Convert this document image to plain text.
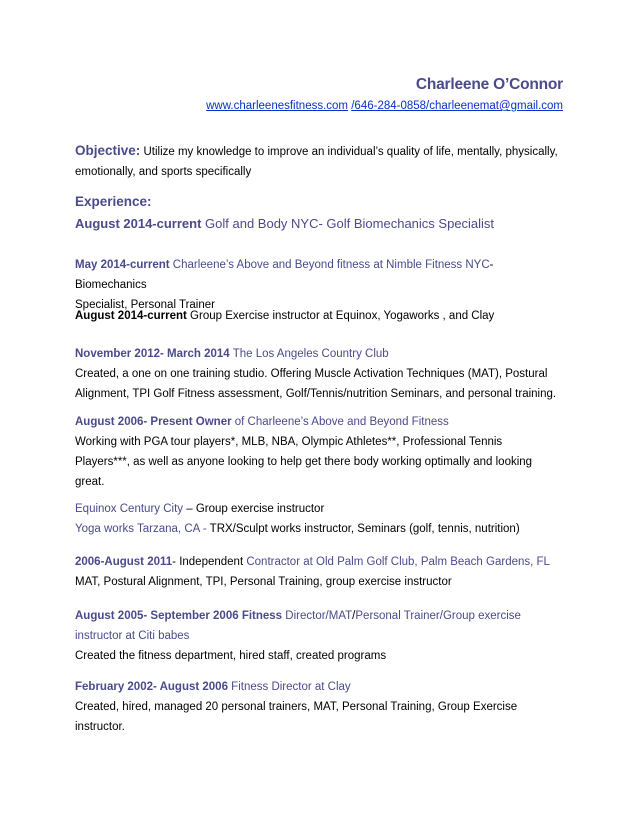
Charleene O’Connor
www.charleenesfitness.com /646-284-0858/charleenemat@gmail.com
Objective: Utilize my knowledge to improve an individual’s quality of life, mentally, physically,
emotionally, and sports specifically
Experience:
August 2014-current Golf and Body NYC- Golf Biomechanics Specialist
May 2014-current Charleene’s Above and Beyond fitness at Nimble Fitness NYC- Biomechanics
Specialist, Personal Trainer
August 2014-current Group Exercise instructor at Equinox, Yogaworks , and Clay
November 2012- March 2014 The Los Angeles Country Club
Created, a one on one training studio. Offering Muscle Activation Techniques (MAT), Postural
Alignment, TPI Golf Fitness assessment, Golf/Tennis/nutrition Seminars, and personal training.
August 2006- Present Owner of Charleene’s Above and Beyond Fitness
Working with PGA tour players*, MLB, NBA, Olympic Athletes**, Professional Tennis
Players***, as well as anyone looking to help get there body working optimally and looking
great.
Equinox Century City – Group exercise instructor
Yoga works Tarzana, CA - TRX/Sculpt works instructor, Seminars (golf, tennis, nutrition)
2006-August 2011- Independent Contractor at Old Palm Golf Club, Palm Beach Gardens, FL
MAT, Postural Alignment, TPI, Personal Training, group exercise instructor
August 2005- September 2006 Fitness Director/MAT/Personal Trainer/Group exercise
instructor at Citi babes
Created the fitness department, hired staff, created programs
February 2002- August 2006 Fitness Director at Clay
Created, hired, managed 20 personal trainers, MAT, Personal Training, Group Exercise
instructor.
